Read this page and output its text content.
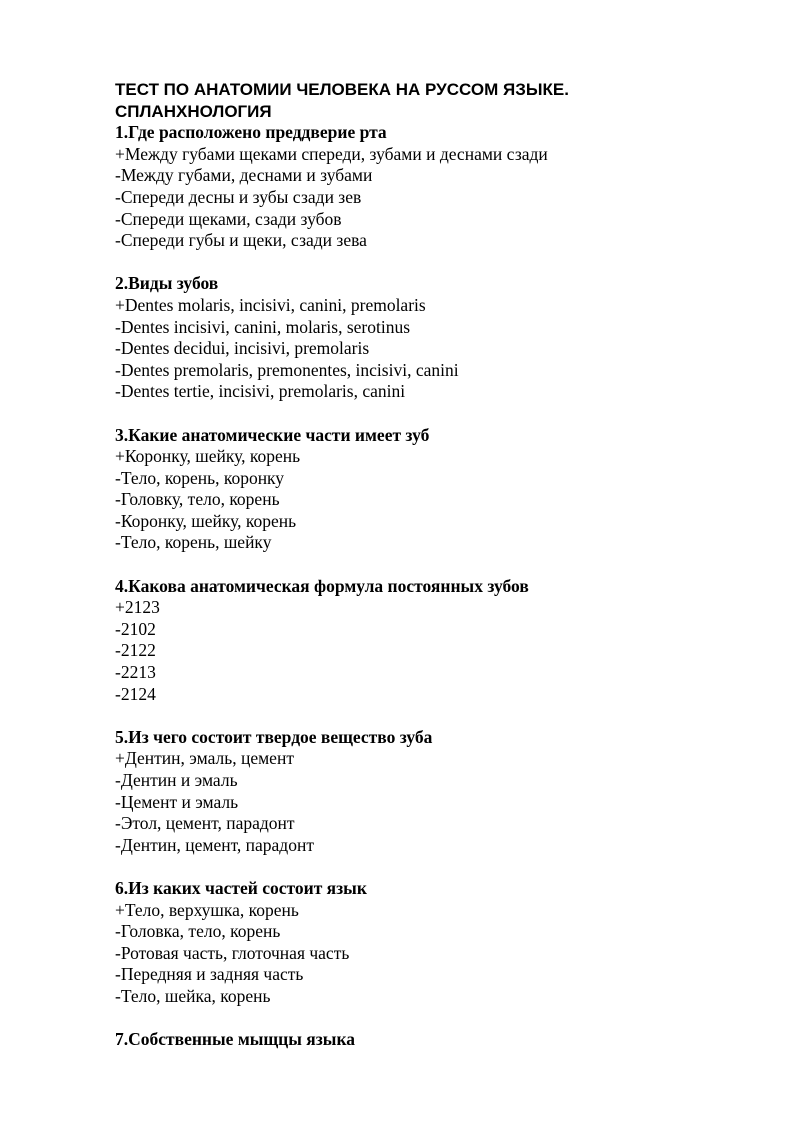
ТЕСТ ПО АНАТОМИИ ЧЕЛОВЕКА НА РУССОМ ЯЗЫКЕ.
СПЛАНХНОЛОГИЯ
1.Где расположено преддверие рта
+Между губами щеками спереди, зубами и деснами сзади
-Между губами, деснами и зубами
-Спереди десны и зубы сзади зев
-Спереди щеками, сзади зубов
-Спереди губы и щеки, сзади зева
2.Виды зубов
+Dentes molaris, incisivi, canini, premolaris
-Dentes incisivi, canini, molaris, serotinus
-Dentes decidui, incisivi, premolaris
-Dentes premolaris, premonentes, incisivi, canini
-Dentes tertie, incisivi, premolaris, canini
3.Какие анатомические части имеет зуб
+Коронку, шейку, корень
-Тело, корень, коронку
-Головку, тело, корень
-Коронку, шейку, корень
-Тело, корень, шейку
4.Какова анатомическая формула постоянных зубов
+2123
-2102
-2122
-2213
-2124
5.Из чего состоит твердое вещество зуба
+Дентин, эмаль, цемент
-Дентин и эмаль
-Цемент и эмаль
-Этол, цемент, парадонт
-Дентин, цемент, парадонт
6.Из каких частей состоит язык
+Тело, верхушка, корень
-Головка, тело, корень
-Ротовая часть, глоточная часть
-Передняя и задняя часть
-Тело, шейка, корень
7.Собственные мыщцы языка
